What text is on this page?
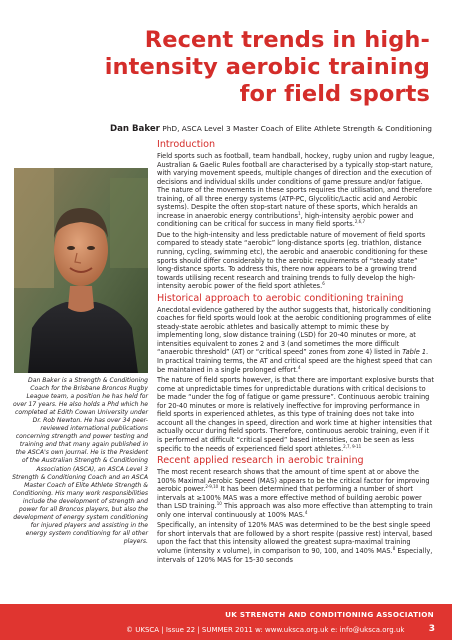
Recent trends in high-
intensity aerobic training
for field sports
Dan Baker PhD, ASCA Level 3 Master Coach of Elite Athlete Strength & Conditioning
Dan Baker is a Strength & Conditioning Coach for the Brisbane Broncos Rugby League team, a position he has held for over 17 years. He also holds a Phd which he completed at Edith Cowan University under Dr. Rob Newton. He has over 34 peer-reviewed international publications concerning strength and power testing and training and that many again published in the ASCA's own journal. He is the President of the Australian Strength & Conditioning Association (ASCA), an ASCA Level 3 Strength & Conditioning Coach and an ASCA Master Coach of Elite Athlete Strength & Conditioning. His many work responsibilities include the development of strength and power for all Broncos players, but also the development of energy system conditioning for injured players and assisting in the energy system conditioning for all other players.
Introduction

Field sports such as football, team handball, hockey, rugby union and rugby league, Australian & Gaelic Rules football are characterised by a typically stop-start nature, with varying movement speeds, multiple changes of direction and the execution of decisions and individual skills under conditions of game pressure and/or fatigue. The nature of the movements in these sports requires the utilisation, and therefore training, of all three energy systems (ATP-PC, Glycolitic/Lactic acid and Aerobic systems). Despite the often stop-start nature of these sports, which heralds an increase in anaerobic energy contributions$^1$, high-intensity aerobic power and conditioning can be critical for success in many field sports.$^{2,6,7}$

Due to the high-intensity and less predictable nature of movement of field sports compared to steady state “aerobic” long-distance sports (eg. triathlon, distance running, cycling, swimming etc), the aerobic and anaerobic conditioning for these sports should differ considerably to the aerobic requirements of “steady state” long-distance sports. To address this, there now appears to be a growing trend towards utilising recent research and training trends to fully develop the high-intensity aerobic power of the field sport athletes.$^6$

Historical approach to aerobic conditioning training

Anecdotal evidence gathered by the author suggests that, historically conditioning coaches for field sports would look at the aerobic conditioning programmes of elite steady-state aerobic athletes and basically attempt to mimic these by implementing long, slow distance training (LSD) for 20-40 minutes or more, at intensities equivalent to zones 2 and 3 (and sometimes the more difficult “anaerobic threshold” (AT) or “critical speed” zones from zone 4) listed in Table 1. In practical training terms, the AT and critical speed are the highest speed that can be maintained in a single prolonged effort.$^4$

The nature of field sports however, is that there are important explosive bursts that come at unpredictable times for unpredictable durations with critical decisions to be made “under the fog of fatigue or game pressure”. Continuous aerobic training for 20-40 minutes or more is relatively ineffective for improving performance in field sports in experienced athletes, as this type of training does not take into account all the changes in speed, direction and work time at higher intensities that actually occur during field sports. Therefore, continuous aerobic training, even if it is performed at difficult “critical speed” based intensities, can be seen as less specific to the needs of experienced field sport athletes.$^{2,7, 9-11}$

Recent applied research in aerobic training

The most recent research shows that the amount of time spent at or above the 100% Maximal Aerobic Speed (MAS) appears to be the critical factor for improving aerobic power.$^{2-9,10}$ It has been determined that performing a number of short intervals at ≥100% MAS was a more effective method of building aerobic power than LSD training.$^{10}$ This approach was also more effective than attempting to train only one interval continuously at 100% MAS.$^4$

Specifically, an intensity of 120% MAS was determined to be the best single speed for short intervals that are followed by a short respite (passive rest) interval, based upon the fact that this intensity allowed the greatest supra-maximal training volume (intensity x volume), in comparison to 90, 100, and 140% MAS.$^8$ Especially, intervals of 120% MAS for 15-30 seconds

UK STRENGTH AND CONDITIONING ASSOCIATION
© UKSCA | Issue 22 | SUMMER 2011 w: www.uksca.org.uk e: info@uksca.org.uk	3
